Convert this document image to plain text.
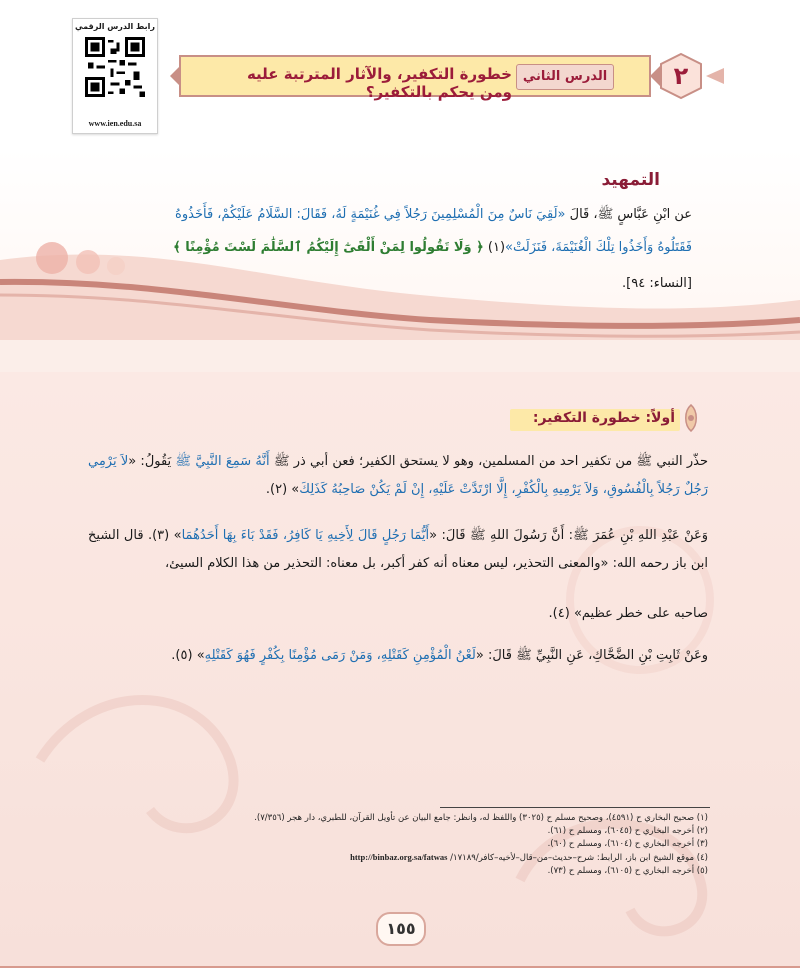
رابط الدرس الرقمي
www.ien.edu.sa
خطورة التكفير، والآثار المترتبة عليه ومن يحكم بالتكفير؟
الدرس الثاني	٢
التمهيد
عن ابْنِ عَبَّاسٍ ﷺ، قَالَ «لَقِيَ نَاسٌ مِنَ الْمُسْلِمِينَ رَجُلاً فِي غُنَيْمَةٍ لَهُ، فَقَالَ: السَّلَامُ عَلَيْكُمْ، فَأَخَذُوهُ
فَقَتَلُوهُ وَأَخَذُوا تِلْكَ الْغُنَيْمَةَ، فَنَزَلَتْ»(١) ﴿ وَلَا تَقُولُوا لِمَنْ أَلْقَىٰٓ إِلَيْكُمُ ٱلسَّلَٰمَ لَسْتَ مُؤْمِنًا ﴾
[النساء: ٩٤].
أولاً: خطورة التكفير:
حذّر النبي ﷺ من تكفير احد من المسلمين، وهو لا يستحق الكفير؛ فعن أبي ذر ﷺ أَنَّهُ سَمِعَ النَّبِيَّ ﷺ يَقُولُ: «لاَ يَرْمِي رَجُلٌ رَجُلاً بِالْفُسُوقِ، وَلاَ يَرْمِيهِ بِالْكُفْرِ، إِلَّا ارْتَدَّتْ عَلَيْهِ، إِنْ لَمْ يَكُنْ صَاحِبُهُ كَذَلِكَ» (٢).
وَعَنْ عَبْدِ اللهِ بْنِ عُمَرَ ﷺ: أَنَّ رَسُولَ اللهِ ﷺ قَالَ: «أَيُّمَا رَجُلٍ قَالَ لِأَخِيهِ يَا كَافِرُ، فَقَدْ بَاءَ بِهَا أَحَدُهُمَا» (٣). قال الشيخ ابن باز رحمه الله: «والمعنى التحذير، ليس معناه أنه كفر أكبر، بل معناه: التحذير من هذا الكلام السيئ،
صاحبه على خطر عظيم» (٤).
وعَنْ ثَابِتِ بْنِ الضَّحَّاكِ، عَنِ النَّبِيِّ ﷺ قَالَ: «لَعْنُ الْمُؤْمِنِ كَقَتْلِهِ، وَمَنْ رَمَى مُؤْمِنًا بِكُفْرٍ فَهُوَ كَقَتْلِهِ» (٥).
(١) صحيح البخاري ح (٤٥٩١)، وصحيح مسلم ح (٣٠٢٥) واللفظ له، وانظر: جامع البيان عن تأويل القرآن، للطبري، دار هجر (٧/٣٥٦).
(٢) أخرجه البخاري ح (٦٠٤٥)، ومسلم ح (٦١).
(٣) أخرجه البخاري ح (٦١٠٤)، ومسلم ح (٦٠).
(٤) موقع الشيخ ابن باز، الرابط: شرح–حديث–من–قال–لأخيه–كافر/١٧١٨٩/ http://binbaz.org.sa/fatwas
(٥) أخرجه البخاري ح (٦١٠٥)، ومسلم ح (٧٣).
١٥٥
